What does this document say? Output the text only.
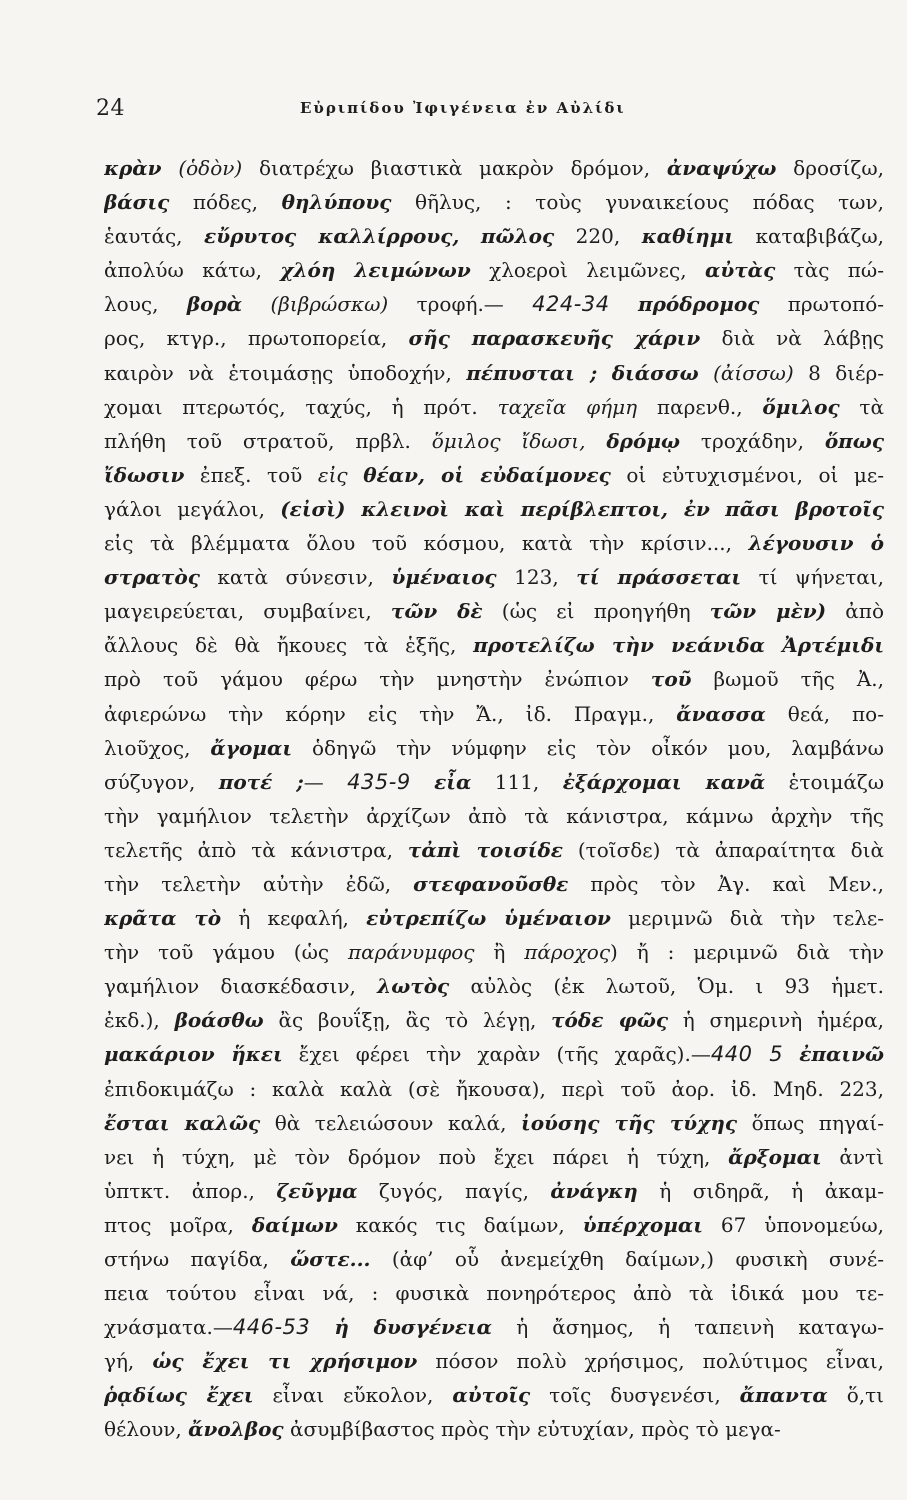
24	Εὐριπίδου Ἰφιγένεια ἐν Αὐλίδι
κρὰν (ὁδὸν) διατρέχω βιαστικὰ μακρὸν δρόμον, ἀναψύχω δροσίζω,
βάσις πόδες, θηλύπους θῆλυς, : τοὺς γυναικείους πόδας των,
ἑαυτάς, εὔρυτος καλλίρρους, πῶλος 220, καθίημι καταβιβάζω,
ἀπολύω κάτω, χλόη λειμώνων χλοεροὶ λειμῶνες, αὐτὰς τὰς πώ-
λους, βορὰ (βιβρώσκω) τροφή.— 424-34 πρόδρομος πρωτοπό-
ρος, κτγρ., πρωτοπορεία, σῆς παρασκευῆς χάριν διὰ νὰ λάβῃς
καιρὸν νὰ ἑτοιμάσῃς ὑποδοχήν, πέπυσται ; διάσσω (ἀίσσω) 8 διέρ-
χομαι πτερωτός, ταχύς, ἡ πρότ. ταχεῖα φήμη παρενθ., ὅμιλος τὰ
πλήθη τοῦ στρατοῦ, πρβλ. ὅμιλος ἴδωσι, δρόμῳ τροχάδην, ὅπως
ἴδωσιν ἐπεξ. τοῦ εἰς θέαν, οἱ εὐδαίμονες οἱ εὐτυχισμένοι, οἱ με-
γάλοι μεγάλοι, (εἰσὶ) κλεινοὶ καὶ περίβλεπτοι, ἐν πᾶσι βροτοῖς
εἰς τὰ βλέμματα ὅλου τοῦ κόσμου, κατὰ τὴν κρίσιν..., λέγουσιν ὁ
στρατὸς κατὰ σύνεσιν, ὑμέναιος 123, τί πράσσεται τί ψήνεται,
μαγειρεύεται, συμβαίνει, τῶν δὲ (ὡς εἰ προηγήθη τῶν μὲν) ἀπὸ
ἄλλους δὲ θὰ ἤκουες τὰ ἑξῆς, προτελίζω τὴν νεάνιδα Ἀρτέμιδι
πρὸ τοῦ γάμου φέρω τὴν μνηστὴν ἐνώπιον τοῦ βωμοῦ τῆς Ἀ.,
ἀφιερώνω τὴν κόρην εἰς τὴν Ἄ., ἰδ. Πραγμ., ἄνασσα θεά, πο-
λιοῦχος, ἄγομαι ὁδηγῶ τὴν νύμφην εἰς τὸν οἶκόν μου, λαμβάνω
σύζυγον, ποτέ ;— 435-9 εἶα 111, ἐξάρχομαι κανᾶ ἑτοιμάζω
τὴν γαμήλιον τελετὴν ἀρχίζων ἀπὸ τὰ κάνιστρα, κάμνω ἀρχὴν τῆς
τελετῆς ἀπὸ τὰ κάνιστρα, τἀπὶ τοισίδε (τοῖσδε) τὰ ἀπαραίτητα διὰ
τὴν τελετὴν αὐτὴν ἐδῶ, στεφανοῦσθε πρὸς τὸν Ἀγ. καὶ Μεν.,
κρᾶτα τὸ ἡ κεφαλή, εὐτρεπίζω ὑμέναιον μεριμνῶ διὰ τὴν τελε-
τὴν τοῦ γάμου (ὡς παράνυμφος ἢ πάροχος) ἤ : μεριμνῶ διὰ τὴν
γαμήλιον διασκέδασιν, λωτὸς αὐλὸς (ἐκ λωτοῦ, Ὁμ. ι 93 ἡμετ.
ἐκδ.), βοάσθω ἂς βουΐξῃ, ἂς τὸ λέγῃ, τόδε φῶς ἡ σημερινὴ ἡμέρα,
μακάριον ἥκει ἔχει φέρει τὴν χαρὰν (τῆς χαρᾶς).—440 5 ἐπαινῶ
ἐπιδοκιμάζω : καλὰ καλὰ (σὲ ἤκουσα), περὶ τοῦ ἀορ. ἰδ. Μηδ. 223,
ἔσται καλῶς θὰ τελειώσουν καλά, ἰούσης τῆς τύχης ὅπως πηγαί-
νει ἡ τύχη, μὲ τὸν δρόμον ποὺ ἔχει πάρει ἡ τύχη, ἄρξομαι ἀντὶ
ὑπτκτ. ἀπορ., ζεῦγμα ζυγός, παγίς, ἀνάγκη ἡ σιδηρᾶ, ἡ ἀκαμ-
πτος μοῖρα, δαίμων κακός τις δαίμων, ὑπέρχομαι 67 ὑπονομεύω,
στήνω παγίδα, ὥστε... (ἀφ’ οὗ ἀνεμείχθη δαίμων,) φυσικὴ συνέ-
πεια τούτου εἶναι νά, : φυσικὰ πονηρότερος ἀπὸ τὰ ἰδικά μου τε-
χνάσματα.—446-53 ἡ δυσγένεια ἡ ἄσημος, ἡ ταπεινὴ καταγω-
γή, ὡς ἔχει τι χρήσιμον πόσον πολὺ χρήσιμος, πολύτιμος εἶναι,
ῥᾳδίως ἔχει εἶναι εὔκολον, αὐτοῖς τοῖς δυσγενέσι, ἄπαντα ὅ,τι
θέλουν, ἄνολβος ἀσυμβίβαστος πρὸς τὴν εὐτυχίαν, πρὸς τὸ μεγα-
